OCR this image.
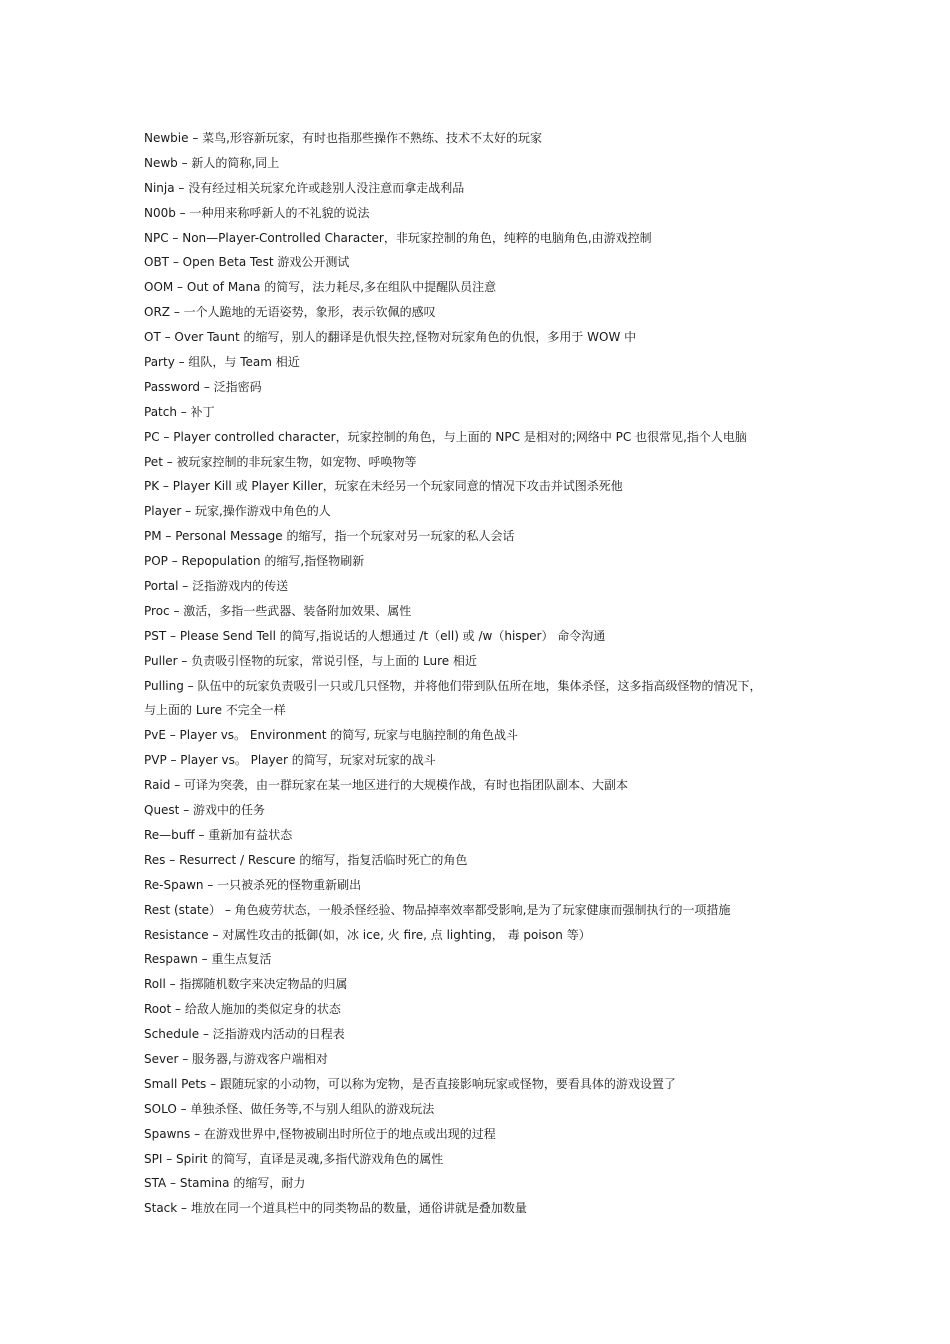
Newbie – 菜鸟,形容新玩家，有时也指那些操作不熟练、技术不太好的玩家
Newb – 新人的简称,同上
Ninja – 没有经过相关玩家允许或趁别人没注意而拿走战利品
N00b – 一种用来称呼新人的不礼貌的说法
NPC – Non—Player-Controlled Character，非玩家控制的角色，纯粹的电脑角色,由游戏控制
OBT – Open Beta Test 游戏公开测试
OOM – Out of Mana 的简写，法力耗尽,多在组队中提醒队员注意
ORZ – 一个人跪地的无语姿势，象形，表示钦佩的感叹
OT – Over Taunt 的缩写，别人的翻译是仇恨失控,怪物对玩家角色的仇恨，多用于 WOW 中
Party – 组队，与 Team 相近
Password – 泛指密码
Patch – 补丁
PC – Player controlled character，玩家控制的角色，与上面的 NPC 是相对的;网络中 PC 也很常见,指个人电脑
Pet – 被玩家控制的非玩家生物，如宠物、呼唤物等
PK – Player Kill 或 Player Killer，玩家在未经另一个玩家同意的情况下攻击并试图杀死他
Player – 玩家,操作游戏中角色的人
PM – Personal Message 的缩写，指一个玩家对另一玩家的私人会话
POP – Repopulation 的缩写,指怪物刷新
Portal – 泛指游戏内的传送
Proc – 激活，多指一些武器、装备附加效果、属性
PST – Please Send Tell 的简写,指说话的人想通过 /t（ell) 或 /w（hisper） 命令沟通
Puller – 负责吸引怪物的玩家，常说引怪，与上面的 Lure 相近
Pulling – 队伍中的玩家负责吸引一只或几只怪物，并将他们带到队伍所在地，集体杀怪，这多指高级怪物的情况下，
与上面的 Lure 不完全一样
PvE – Player vs。 Environment 的简写, 玩家与电脑控制的角色战斗
PVP – Player vs。 Player 的简写，玩家对玩家的战斗
Raid – 可译为突袭，由一群玩家在某一地区进行的大规模作战，有时也指团队副本、大副本
Quest – 游戏中的任务
Re—buff – 重新加有益状态
Res – Resurrect / Rescure 的缩写，指复活临时死亡的角色
Re-Spawn – 一只被杀死的怪物重新刷出
Rest (state） – 角色疲劳状态，一般杀怪经验、物品掉率效率都受影响,是为了玩家健康而强制执行的一项措施
Resistance – 对属性攻击的抵御(如，冰 ice, 火 fire, 点 lighting， 毒 poison 等）
Respawn – 重生点复活
Roll – 指掷随机数字来决定物品的归属
Root – 给敌人施加的类似定身的状态
Schedule – 泛指游戏内活动的日程表
Sever – 服务器,与游戏客户端相对
Small Pets – 跟随玩家的小动物，可以称为宠物，是否直接影响玩家或怪物，要看具体的游戏设置了
SOLO – 单独杀怪、做任务等,不与别人组队的游戏玩法
Spawns – 在游戏世界中,怪物被刷出时所位于的地点或出现的过程
SPI – Spirit 的简写，直译是灵魂,多指代游戏角色的属性
STA – Stamina 的缩写，耐力
Stack – 堆放在同一个道具栏中的同类物品的数量，通俗讲就是叠加数量
